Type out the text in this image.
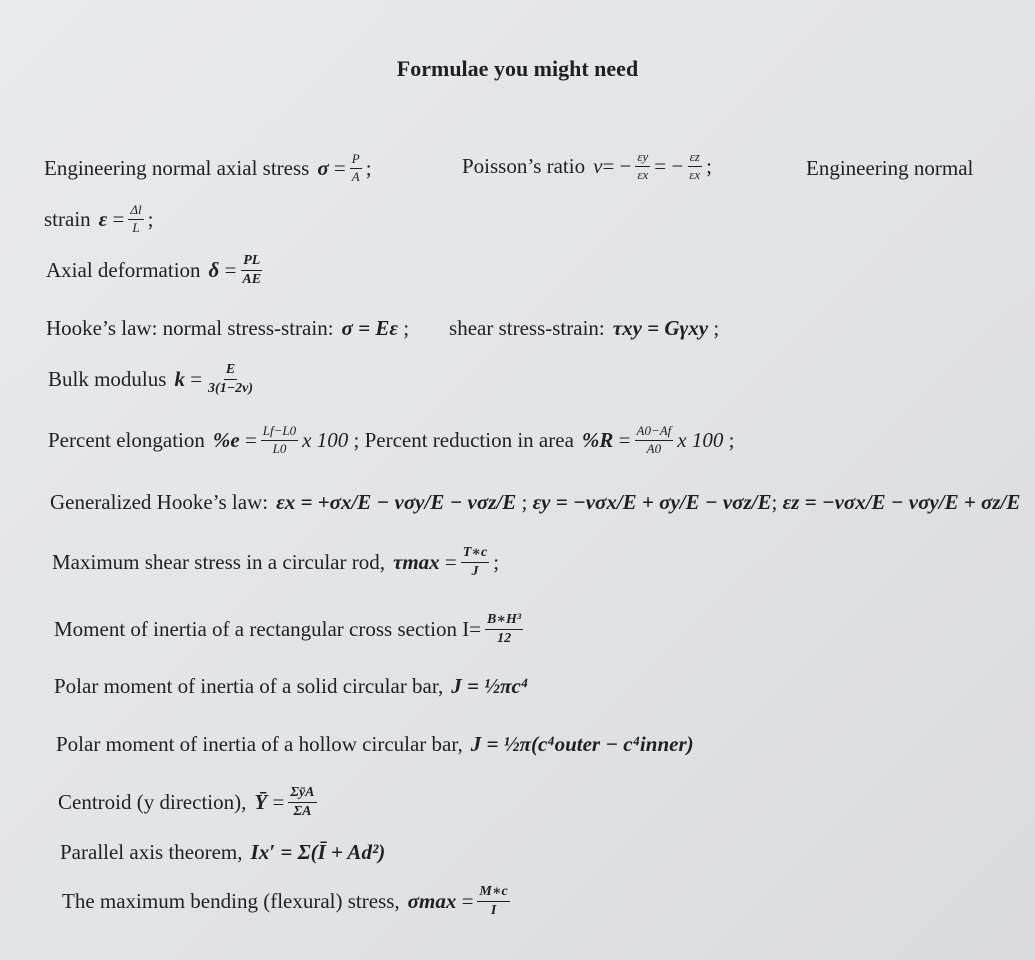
Formulae you might need
Engineering normal axial stress $\sigma = \frac{P}{A}$ ;	Poisson’s ratio ν = − $\frac{\varepsilon y}{\varepsilon x}$ = − $\frac{\varepsilon z}{\varepsilon x}$ ;	Engineering normal
strain $\varepsilon = \frac{\Delta l}{L}$ ;
Axial deformation $\delta = \frac{PL}{AE}$
Hooke’s law: normal stress-strain: σ = Eε ; shear stress-strain: τxy = Gγxy ;
Bulk modulus $k = \frac{E}{3(1-2\nu)}$
Percent elongation $\%e = \frac{Lf-L0}{L0}$ x 100 ; Percent reduction in area $\%R = \frac{A0-Af}{A0}$ x 100 ;
Generalized Hooke’s law: εx = +σx/E − νσy/E − νσz/E ; εy = −νσx/E + σy/E − νσz/E ; εz = −νσx/E − νσy/E + σz/E
Maximum shear stress in a circular rod, $\tau\max = \frac{T∗c}{J}$ ;
Moment of inertia of a rectangular cross section $I= \frac{\text{B∗H³}}{12}$
Polar moment of inertia of a solid circular bar, J = ½πc⁴
Polar moment of inertia of a hollow circular bar, J = ½π(c⁴outer − c⁴inner)
Centroid (y direction), Ȳ = $\frac{\text{ΣȳA}}{\Sigma A}$
Parallel axis theorem, Ix′ = Σ(Ī + Ad²)
The maximum bending (flexural) stress, $\sigma\max = \frac{M∗c}{I}$
